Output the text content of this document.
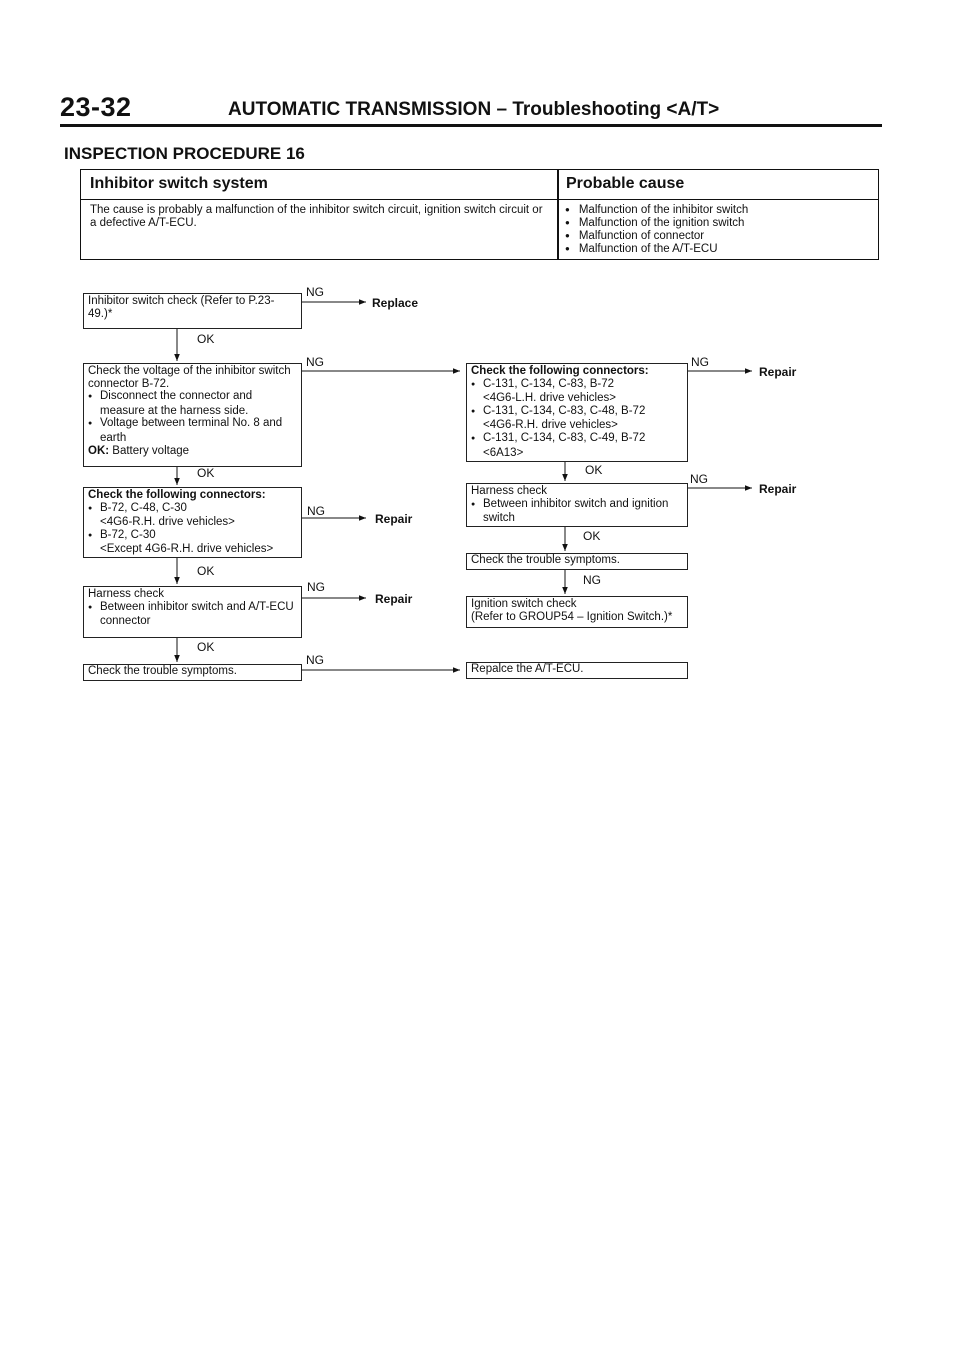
23-32	AUTOMATIC TRANSMISSION – Troubleshooting <A/T>
INSPECTION PROCEDURE 16
Inhibitor switch system	Probable cause
The cause is probably a malfunction of the inhibitor switch circuit, ignition switch circuit or a defective A/T-ECU.
● Malfunction of the inhibitor switch
● Malfunction of the ignition switch
● Malfunction of connector
● Malfunction of the A/T-ECU
Inhibitor switch check (Refer to P.23-49.)*
Check the voltage of the inhibitor switch connector B-72.
● Disconnect the connector and measure at the harness side.
● Voltage between terminal No. 8 and earth
OK: Battery voltage
Check the following connectors:
● B-72, C-48, C-30
<4G6-R.H. drive vehicles>
● B-72, C-30
<Except 4G6-R.H. drive vehicles>
Harness check
● Between inhibitor switch and A/T-ECU connector
Check the trouble symptoms.
Check the following connectors:
● C-131, C-134, C-83, B-72
<4G6-L.H. drive vehicles>
● C-131, C-134, C-83, C-48, B-72
<4G6-R.H. drive vehicles>
● C-131, C-134, C-83, C-49, B-72
<6A13>
Harness check
● Between inhibitor switch and ignition switch
Check the trouble symptoms.
Ignition switch check
(Refer to GROUP54 – Ignition Switch.)*
Repalce the A/T-ECU.
OK
OK
OK
OK
OK
OK
NG
NG
NG
NG
NG
NG
NG
NG
Replace
Repair
Repair
Repair
Repair
